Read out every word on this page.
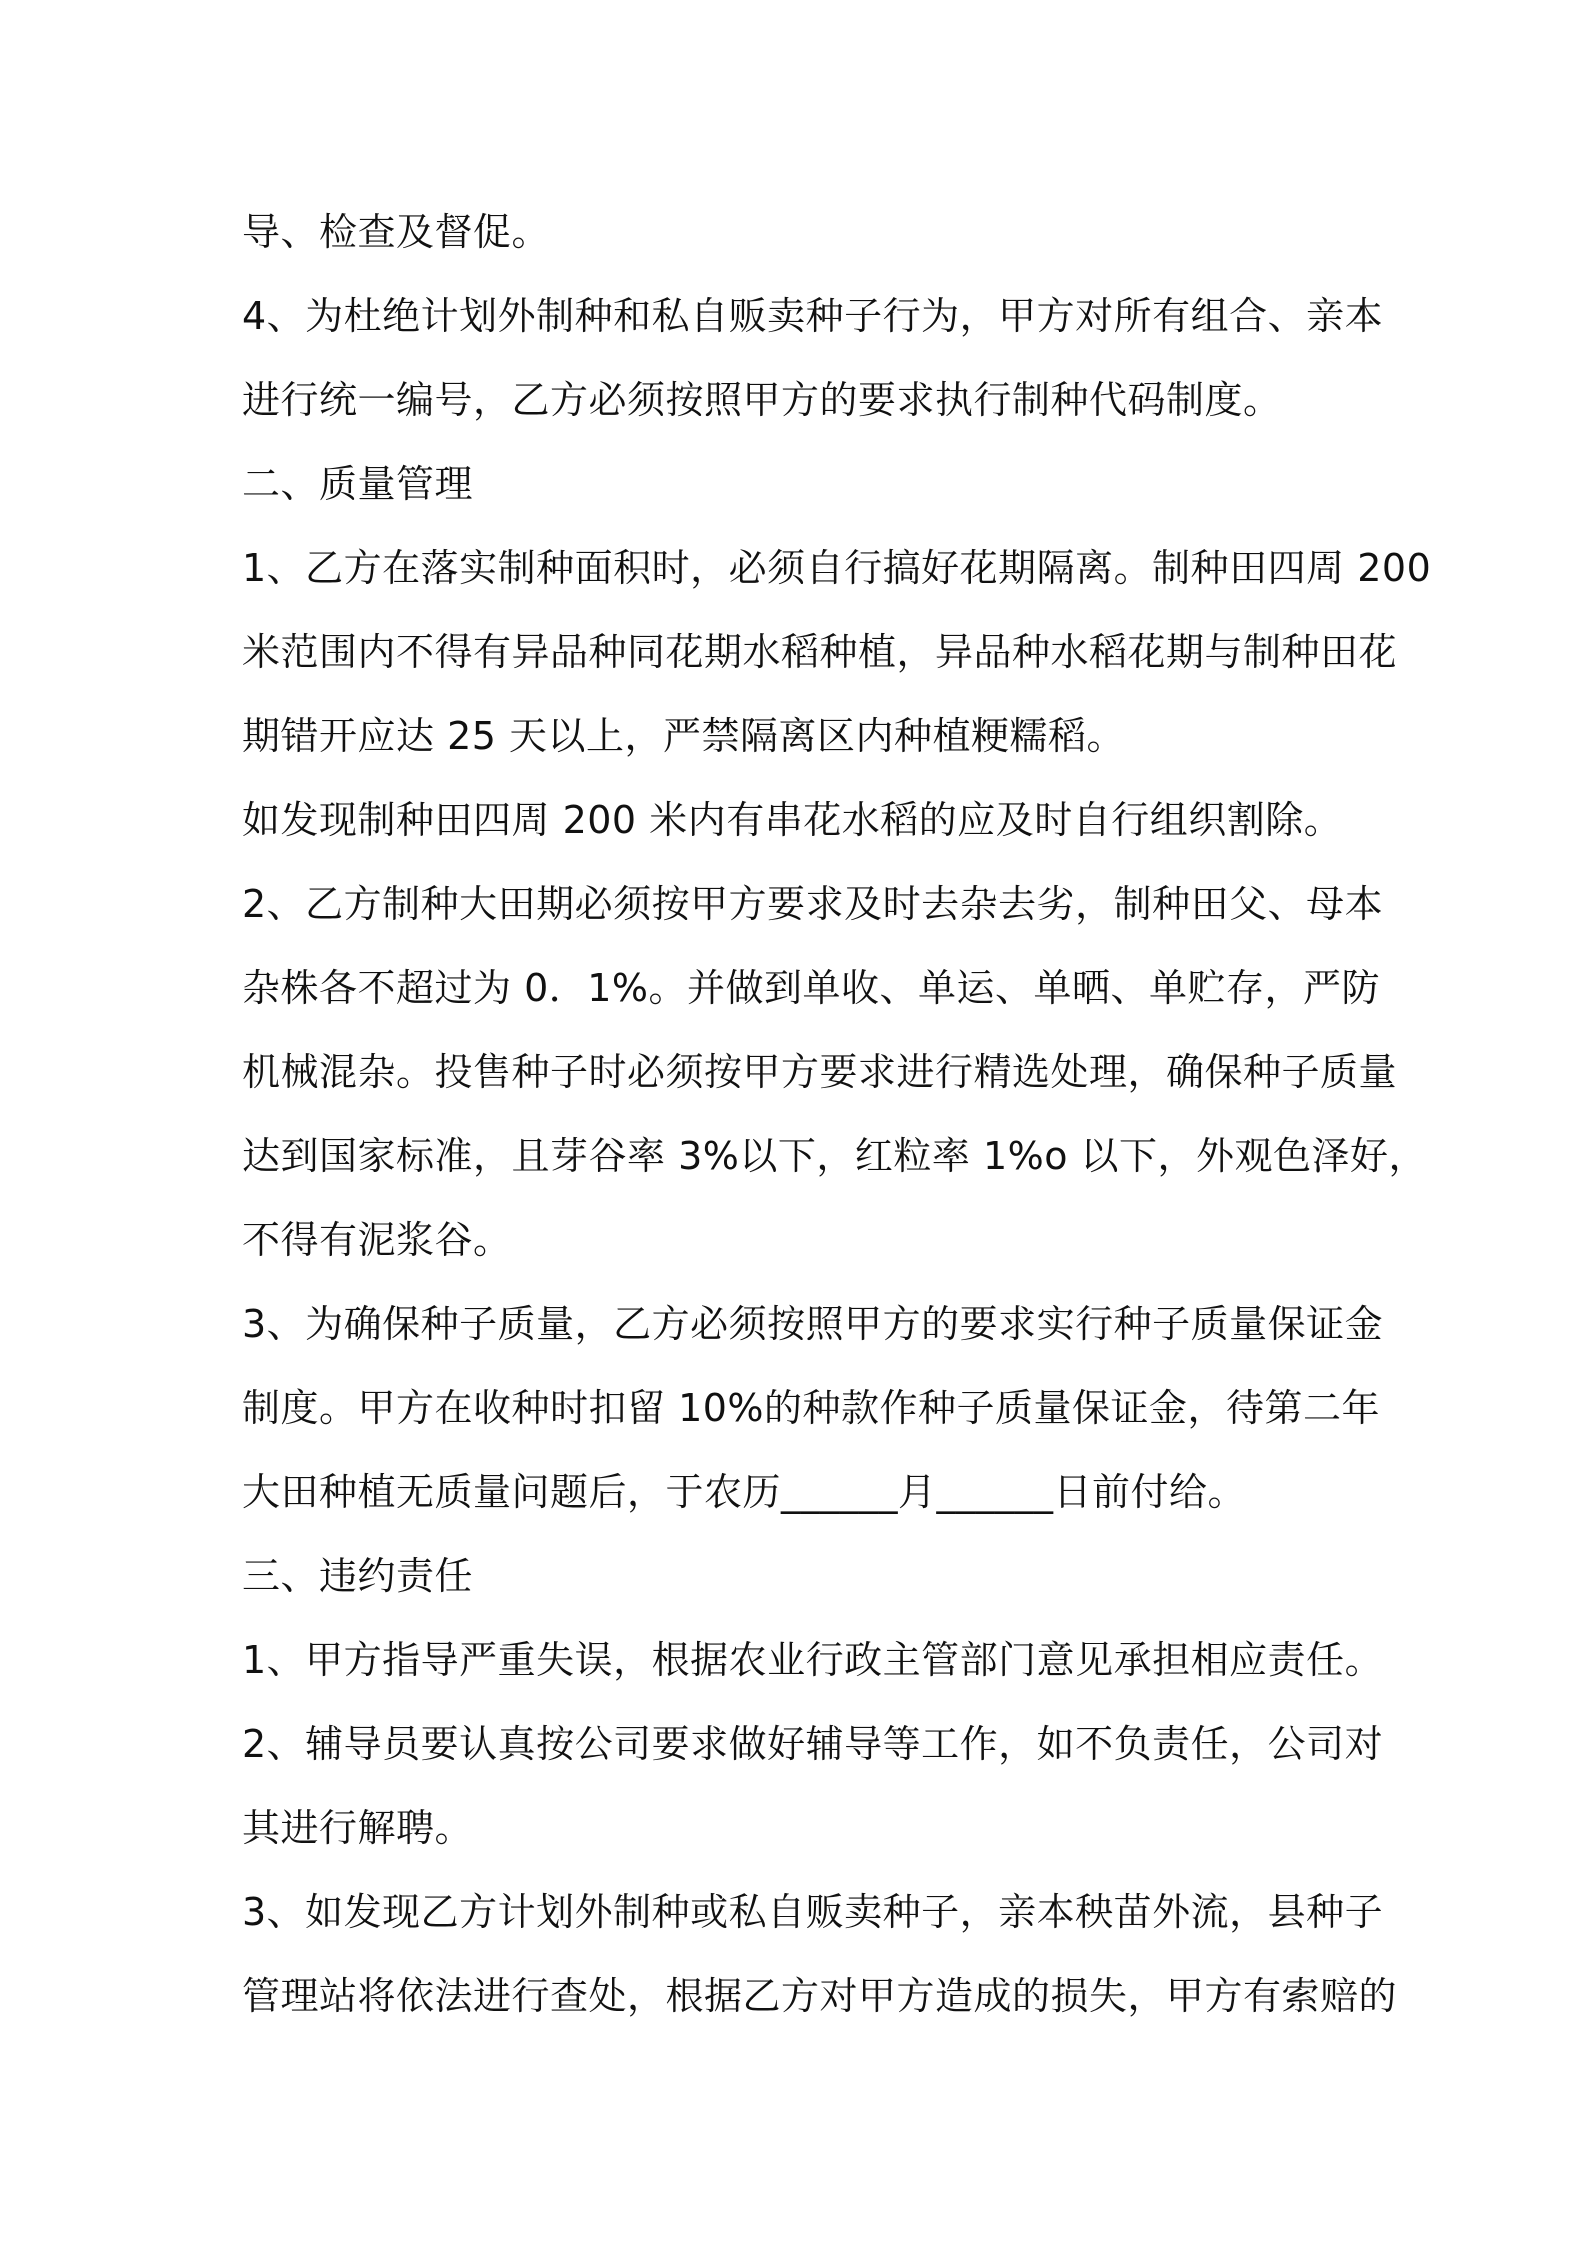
导、检查及督促。
4、为杜绝计划外制种和私自贩卖种子行为，甲方对所有组合、亲本
进行统一编号，乙方必须按照甲方的要求执行制种代码制度。
二、质量管理
1、乙方在落实制种面积时，必须自行搞好花期隔离。制种田四周 200
米范围内不得有异品种同花期水稻种植，异品种水稻花期与制种田花
期错开应达 25 天以上，严禁隔离区内种植粳糯稻。
如发现制种田四周 200 米内有串花水稻的应及时自行组织割除。
2、乙方制种大田期必须按甲方要求及时去杂去劣，制种田父、母本
杂株各不超过为 0．1%。并做到单收、单运、单晒、单贮存，严防
机械混杂。投售种子时必须按甲方要求进行精选处理，确保种子质量
达到国家标准，且芽谷率 3%以下，红粒率 1%o 以下，外观色泽好，
不得有泥浆谷。
3、为确保种子质量，乙方必须按照甲方的要求实行种子质量保证金
制度。甲方在收种时扣留 10%的种款作种子质量保证金，待第二年
大田种植无质量问题后，于农历______月______日前付给。
三、违约责任
1、甲方指导严重失误，根据农业行政主管部门意见承担相应责任。
2、辅导员要认真按公司要求做好辅导等工作，如不负责任，公司对
其进行解聘。
3、如发现乙方计划外制种或私自贩卖种子，亲本秧苗外流，县种子
管理站将依法进行查处，根据乙方对甲方造成的损失，甲方有索赔的
